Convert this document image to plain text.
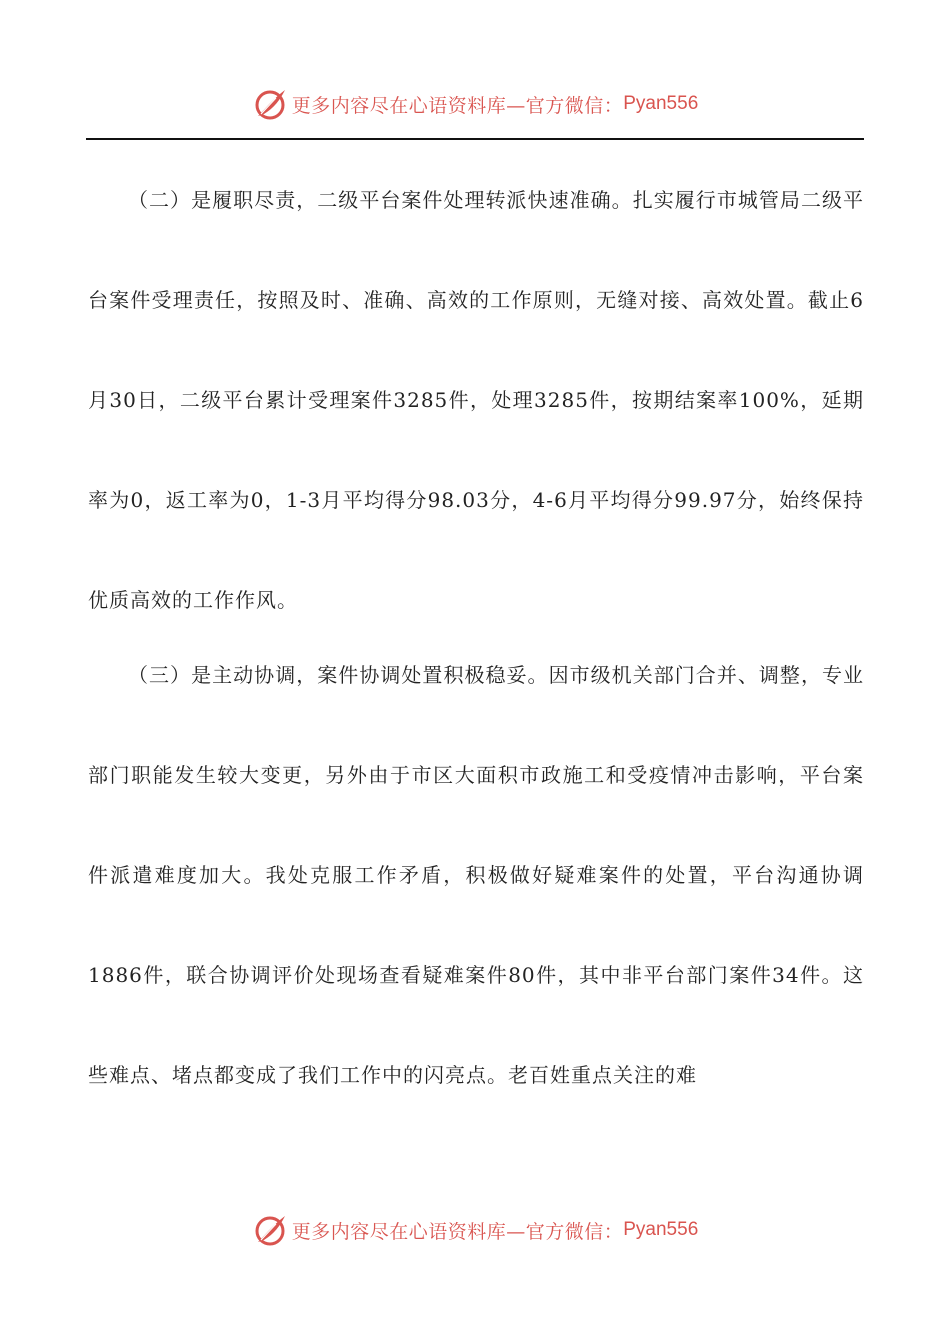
更多内容尽在心语资料库—官方微信： Pyan556

（二）是履职尽责，二级平台案件处理转派快速准确。扎实履行市城管局二级平台案件受理责任，按照及时、准确、高效的工作原则，无缝对接、高效处置。截止6月30日，二级平台累计受理案件3285件，处理3285件，按期结案率100%，延期率为0，返工率为0，1-3月平均得分98.03分，4-6月平均得分99.97分，始终保持优质高效的工作作风。

（三）是主动协调，案件协调处置积极稳妥。因市级机关部门合并、调整，专业部门职能发生较大变更，另外由于市区大面积市政施工和受疫情冲击影响，平台案件派遣难度加大。我处克服工作矛盾，积极做好疑难案件的处置，平台沟通协调1886件，联合协调评价处现场查看疑难案件80件，其中非平台部门案件34件。这些难点、堵点都变成了我们工作中的闪亮点。老百姓重点关注的难

更多内容尽在心语资料库—官方微信： Pyan556
